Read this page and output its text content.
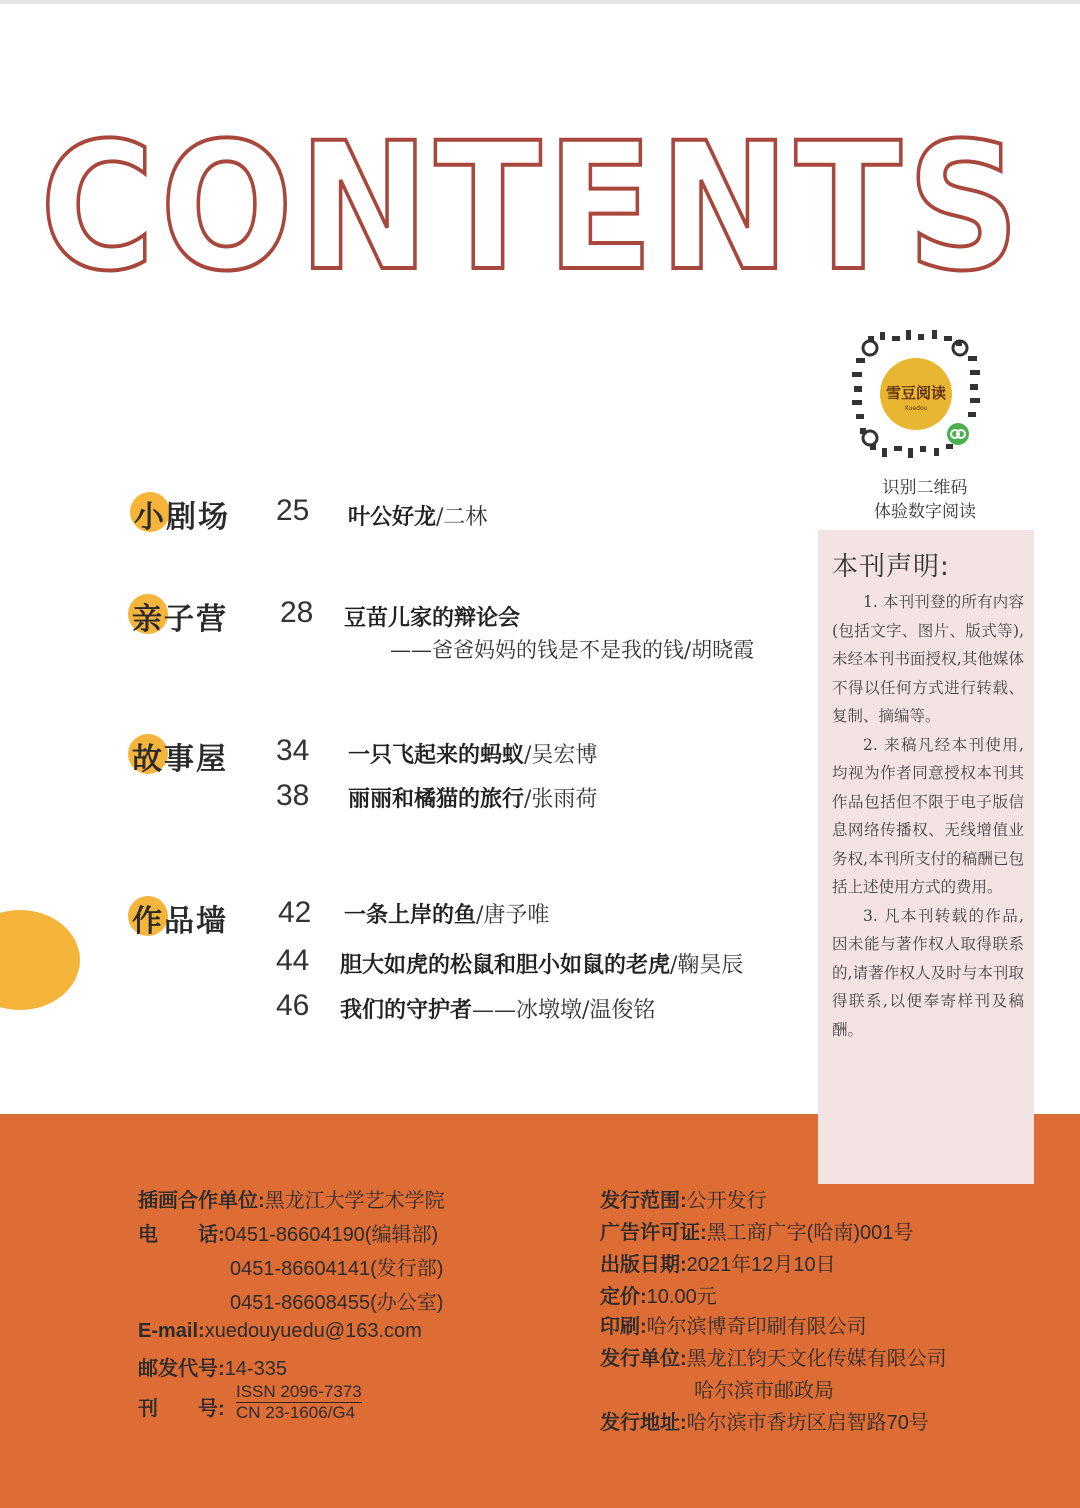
CONTENTS
雪豆阅读
Xuedou
识别二维码
体验数字阅读
小剧场 25 叶公好龙/二林
亲子营 28 豆苗儿家的辩论会
——爸爸妈妈的钱是不是我的钱/胡晓霞
故事屋 34 一只飞起来的蚂蚁/吴宏博
38 丽丽和橘猫的旅行/张雨荷
作品墙 42 一条上岸的鱼/唐予唯
44 胆大如虎的松鼠和胆小如鼠的老虎/鞠昊辰
46 我们的守护者——冰墩墩/温俊铭
本刊声明:

1. 本刊刊登的所有内容(包括文字、图片、版式等),未经本刊书面授权,其他媒体不得以任何方式进行转载、复制、摘编等。

2. 来稿凡经本刊使用,均视为作者同意授权本刊其作品包括但不限于电子版信息网络传播权、无线增值业务权,本刊所支付的稿酬已包括上述使用方式的费用。

3. 凡本刊转载的作品,因未能与著作权人取得联系的,请著作权人及时与本刊取得联系,以便奉寄样刊及稿酬。

插画合作单位:黑龙江大学艺术学院
电　　话:0451-86604190(编辑部)
0451-86604141(发行部)
0451-86608455(办公室)
E-mail:xuedouyuedu@163.com
邮发代号:14-335
刊　　号:
ISSN 2096-7373
CN 23-1606/G4
发行范围:公开发行
广告许可证:黑工商广字(哈南)001号
出版日期:2021年12月10日
定价:10.00元
印刷:哈尔滨博奇印刷有限公司
发行单位:黑龙江钧天文化传媒有限公司
哈尔滨市邮政局
发行地址:哈尔滨市香坊区启智路70号
